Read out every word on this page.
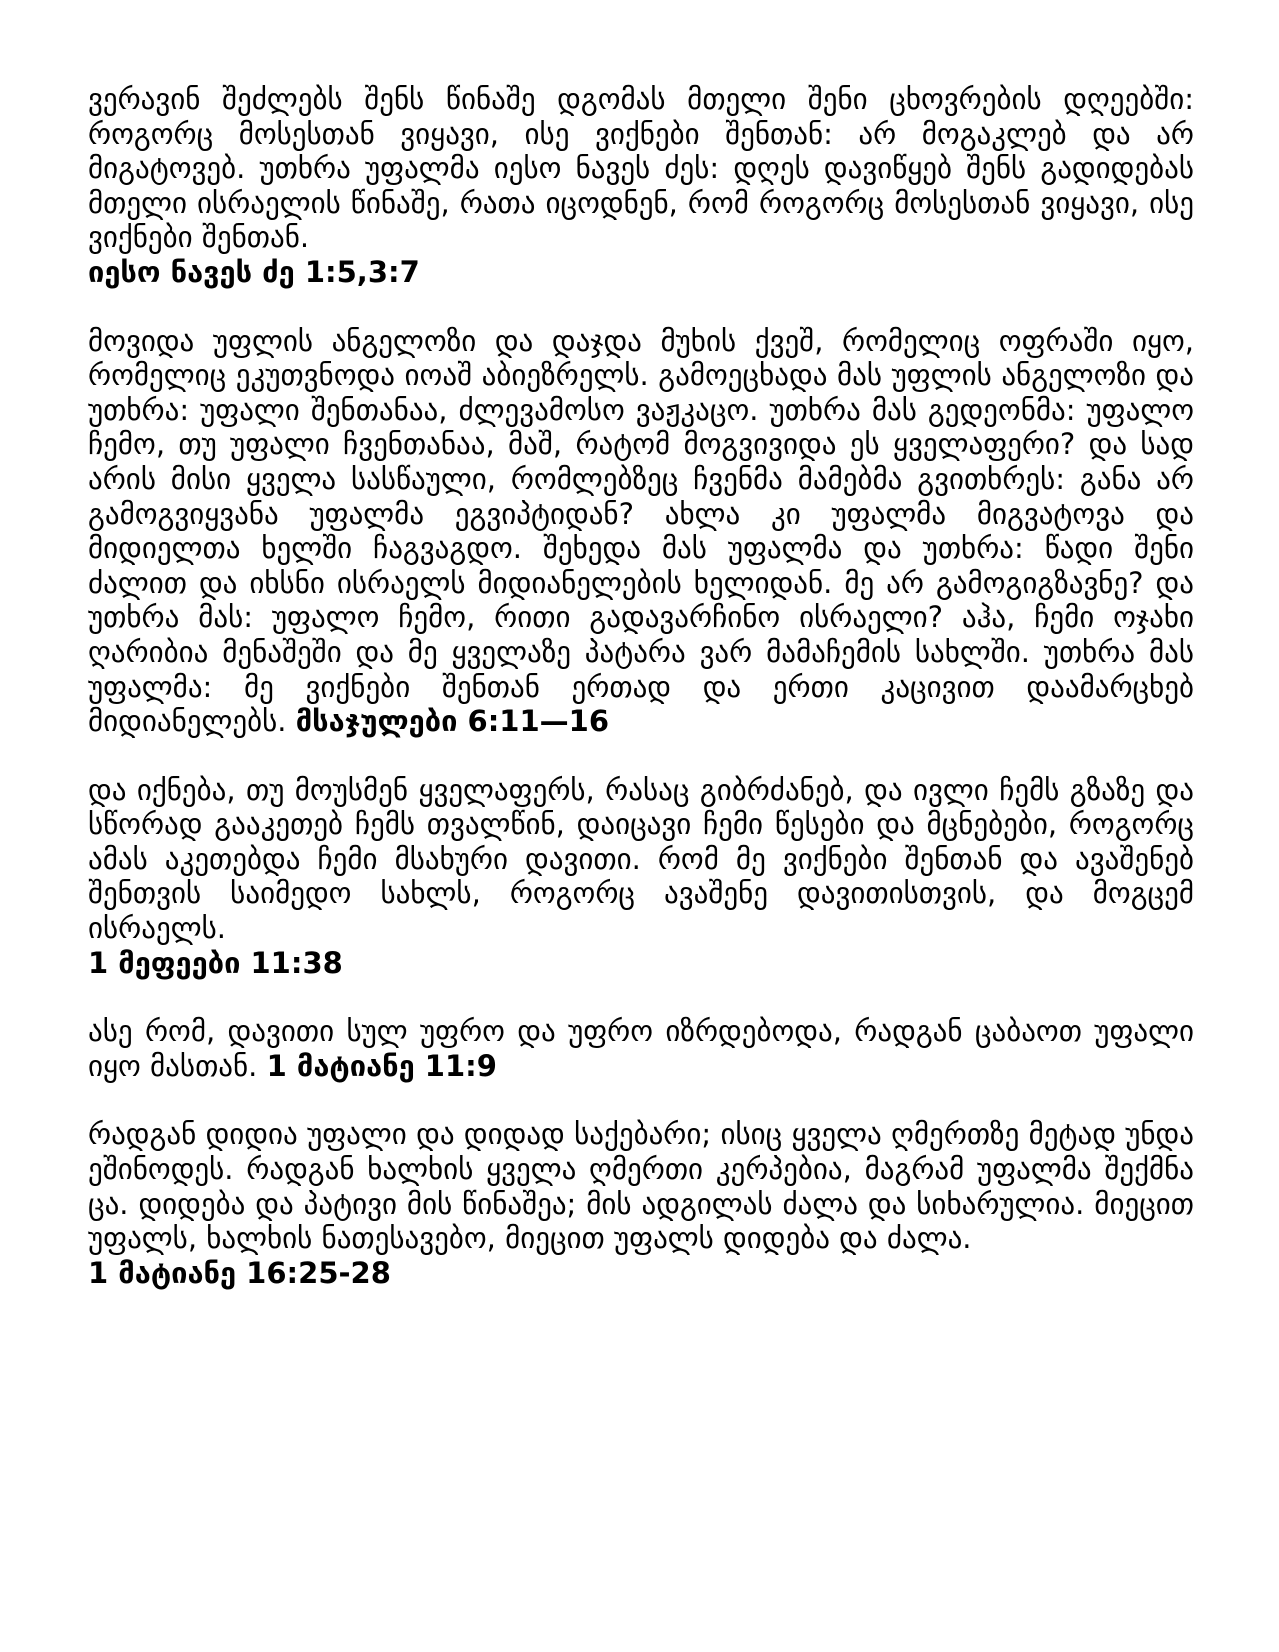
ვერავინ შეძლებს შენს წინაშე დგომას მთელი შენი ცხოვრების დღეებში: როგორც მოსესთან ვიყავი, ისე ვიქნები შენთან: არ მოგაკლებ და არ მიგატოვებ. უთხრა უფალმა იესო ნავეს ძეს: დღეს დავიწყებ შენს გადიდებას მთელი ისრაელის წინაშე, რათა იცოდნენ, რომ როგორც მოსესთან ვიყავი, ისე ვიქნები შენთან.
იესო ნავეს ძე 1:5,3:7

მოვიდა უფლის ანგელოზი და დაჯდა მუხის ქვეშ, რომელიც ოფრაში იყო, რომელიც ეკუთვნოდა იოაშ აბიეზრელს. გამოეცხადა მას უფლის ანგელოზი და უთხრა: უფალი შენთანაა, ძლევამოსო ვაჟკაცო. უთხრა მას გედეონმა: უფალო ჩემო, თუ უფალი ჩვენთანაა, მაშ, რატომ მოგვივიდა ეს ყველაფერი? და სად არის მისი ყველა სასწაული, რომლებზეც ჩვენმა მამებმა გვითხრეს: განა არ გამოგვიყვანა უფალმა ეგვიპტიდან? ახლა კი უფალმა მიგვატოვა და მიდიელთა ხელში ჩაგვაგდო. შეხედა მას უფალმა და უთხრა: წადი შენი ძალით და იხსნი ისრაელს მიდიანელების ხელიდან. მე არ გამოგიგზავნე? და უთხრა მას: უფალო ჩემო, რითი გადავარჩინო ისრაელი? აჰა, ჩემი ოჯახი ღარიბია მენაშეში და მე ყველაზე პატარა ვარ მამაჩემის სახლში. უთხრა მას უფალმა: მე ვიქნები შენთან ერთად და ერთი კაცივით დაამარცხებ მიდიანელებს. მსაჯულები 6:11—16

და იქნება, თუ მოუსმენ ყველაფერს, რასაც გიბრძანებ, და ივლი ჩემს გზაზე და სწორად გააკეთებ ჩემს თვალწინ, დაიცავი ჩემი წესები და მცნებები, როგორც ამას აკეთებდა ჩემი მსახური დავითი. რომ მე ვიქნები შენთან და ავაშენებ შენთვის საიმედო სახლს, როგორც ავაშენე დავითისთვის, და მოგცემ ისრაელს.
1 მეფეები 11:38

ასე რომ, დავითი სულ უფრო და უფრო იზრდებოდა, რადგან ცაბაოთ უფალი იყო მასთან. 1 მატიანე 11:9

რადგან დიდია უფალი და დიდად საქებარი; ისიც ყველა ღმერთზე მეტად უნდა ეშინოდეს. რადგან ხალხის ყველა ღმერთი კერპებია, მაგრამ უფალმა შექმნა ცა. დიდება და პატივი მის წინაშეა; მის ადგილას ძალა და სიხარულია. მიეცით უფალს, ხალხის ნათესავებო, მიეცით უფალს დიდება და ძალა.
1 მატიანე 16:25-28
